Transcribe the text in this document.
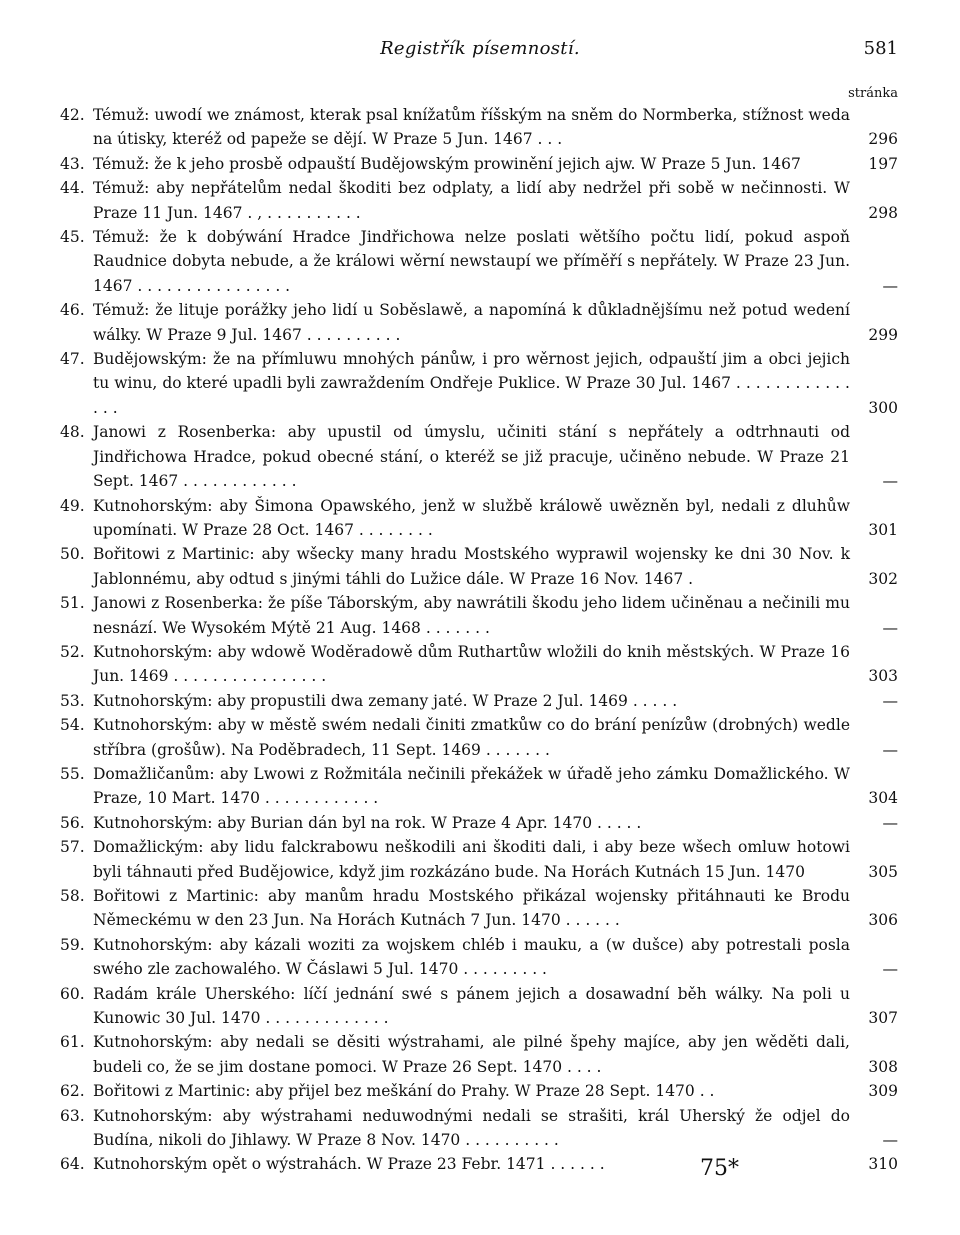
Registřík písemností.	581
stránka
42. Témuž: uwodí we známost, kterak psal knížatům říšským na sněm do Normberka, stížnost weda na útisky, kteréž od papeže se dějí. W Praze 5 Jun. 1467 . . .	296
43. Témuž: že k jeho prosbě odpauští Budějowským prowinění jejich ajw. W Praze 5 Jun. 1467	197
44. Témuž: aby nepřátelům nedal škoditi bez odplaty, a lidí aby nedržel při sobě w nečinnosti. W Praze 11 Jun. 1467 . , . . . . . . . . . .	298
45. Témuž: že k dobýwání Hradce Jindřichowa nelze poslati wětšího počtu lidí, pokud aspoň Raudnice dobyta nebude, a že králowi wěrní newstaupí we příměří s nepřátely. W Praze 23 Jun. 1467 . . . . . . . . . . . . . . . .	—
46. Témuž: že lituje porážky jeho lidí u Soběslawě, a napomíná k důkladnějšímu než potud wedení wálky. W Praze 9 Jul. 1467 . . . . . . . . . .	299
47. Budějowským: že na přímluwu mnohých pánůw, i pro wěrnost jejich, odpauští jim a obci jejich tu winu, do které upadli byli zawraždením Ondřeje Puklice. W Praze 30 Jul. 1467 . . . . . . . . . . . . . . .	300
48. Janowi z Rosenberka: aby upustil od úmyslu, učiniti stání s nepřátely a odtrhnauti od Jindřichowa Hradce, pokud obecné stání, o kteréž se již pracuje, učiněno nebude. W Praze 21 Sept. 1467 . . . . . . . . . . . .	—
49. Kutnohorským: aby Šimona Opawského, jenž w službě králowě uwězněn byl, nedali z dluhůw upomínati. W Praze 28 Oct. 1467 . . . . . . . .	301
50. Bořitowi z Martinic: aby wšecky many hradu Mostského wyprawil wojensky ke dni 30 Nov. k Jablonnému, aby odtud s jinými táhli do Lužice dále. W Praze 16 Nov. 1467 .	302
51. Janowi z Rosenberka: že píše Táborským, aby nawrátili škodu jeho lidem učiněnau a nečinili mu nesnází. We Wysokém Mýtě 21 Aug. 1468 . . . . . . .	—
52. Kutnohorským: aby wdowě Woděradowě dům Ruthartůw wložili do knih městských. W Praze 16 Jun. 1469 . . . . . . . . . . . . . . . .	303
53. Kutnohorským: aby propustili dwa zemany jaté. W Praze 2 Jul. 1469 . . . . .	—
54. Kutnohorským: aby w městě swém nedali činiti zmatkůw co do brání penízůw (drobných) wedle stříbra (grošůw). Na Poděbradech, 11 Sept. 1469 . . . . . . .	—
55. Domažličanům: aby Lwowi z Rožmitála nečinili překážek w úřadě jeho zámku Domažlického. W Praze, 10 Mart. 1470 . . . . . . . . . . . .	304
56. Kutnohorským: aby Burian dán byl na rok. W Praze 4 Apr. 1470 . . . . .	—
57. Domažlickým: aby lidu falckrabowu neškodili ani škoditi dali, i aby beze wšech omluw hotowi byli táhnauti před Budějowice, když jim rozkázáno bude. Na Horách Kutnách 15 Jun. 1470	305
58. Bořitowi z Martinic: aby manům hradu Mostského přikázal wojensky přitáhnauti ke Brodu Německému w den 23 Jun. Na Horách Kutnách 7 Jun. 1470 . . . . . .	306
59. Kutnohorským: aby kázali woziti za wojskem chléb i mauku, a (w dušce) aby potrestali posla swého zle zachowalého. W Čáslawi 5 Jul. 1470 . . . . . . . . .	—
60. Radám krále Uherského: líčí jednání swé s pánem jejich a dosawadní běh wálky. Na poli u Kunowic 30 Jul. 1470 . . . . . . . . . . . . .	307
61. Kutnohorským: aby nedali se děsiti wýstrahami, ale pilné špehy majíce, aby jen wěděti dali, budeli co, že se jim dostane pomoci. W Praze 26 Sept. 1470 . . . .	308
62. Bořitowi z Martinic: aby přijel bez meškání do Prahy. W Praze 28 Sept. 1470 . .	309
63. Kutnohorským: aby wýstrahami neduwodnými nedali se strašiti, král Uherský že odjel do Budína, nikoli do Jihlawy. W Praze 8 Nov. 1470 . . . . . . . . . .	—
64. Kutnohorským opět o wýstrahách. W Praze 23 Febr. 1471 . . . . . .	310
75*
